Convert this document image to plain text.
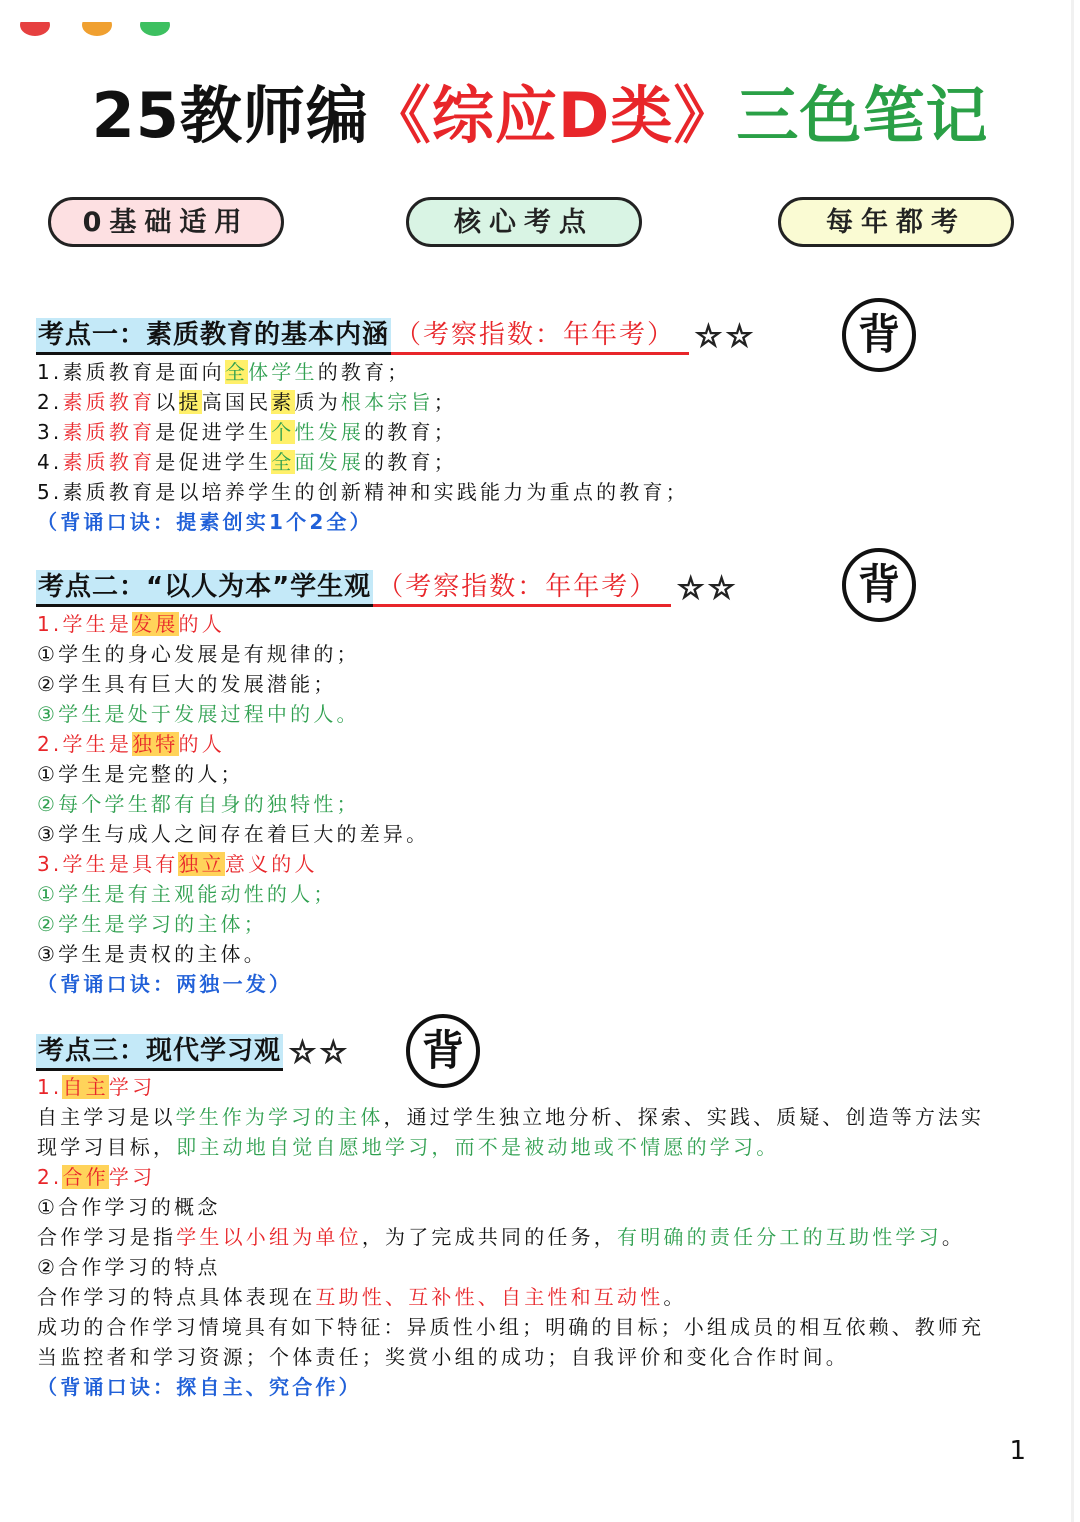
25教师编《综应D类》三色笔记
0基础适用	核心考点	每年都考
考点一：素质教育的基本内涵 （考察指数：年年考） ☆ ☆	背
1.素质教育是面向全体学生的教育；
2.素质教育以提高国民素质为根本宗旨；
3.素质教育是促进学生个性发展的教育；
4.素质教育是促进学生全面发展的教育；
5.素质教育是以培养学生的创新精神和实践能力为重点的教育；
（背诵口诀：提素创实1个2全）
考点二：“以人为本”学生观 （考察指数：年年考） ☆ ☆	背
1.学生是发展的人
①学生的身心发展是有规律的；
②学生具有巨大的发展潜能；
③学生是处于发展过程中的人。
2.学生是独特的人
①学生是完整的人；
②每个学生都有自身的独特性；
③学生与成人之间存在着巨大的差异。
3.学生是具有独立意义的人
①学生是有主观能动性的人；
②学生是学习的主体；
③学生是责权的主体。
（背诵口诀：两独一发）
考点三：现代学习观 ☆ ☆	背
1.自主学习
自主学习是以学生作为学习的主体，通过学生独立地分析、探索、实践、质疑、创造等方法实
现学习目标，即主动地自觉自愿地学习，而不是被动地或不情愿的学习。
2.合作学习
①合作学习的概念
合作学习是指学生以小组为单位，为了完成共同的任务，有明确的责任分工的互助性学习。
②合作学习的特点
合作学习的特点具体表现在互助性、互补性、自主性和互动性。
成功的合作学习情境具有如下特征：异质性小组；明确的目标；小组成员的相互依赖、教师充
当监控者和学习资源；个体责任；奖赏小组的成功；自我评价和变化合作时间。
（背诵口诀：探自主、究合作）
1
